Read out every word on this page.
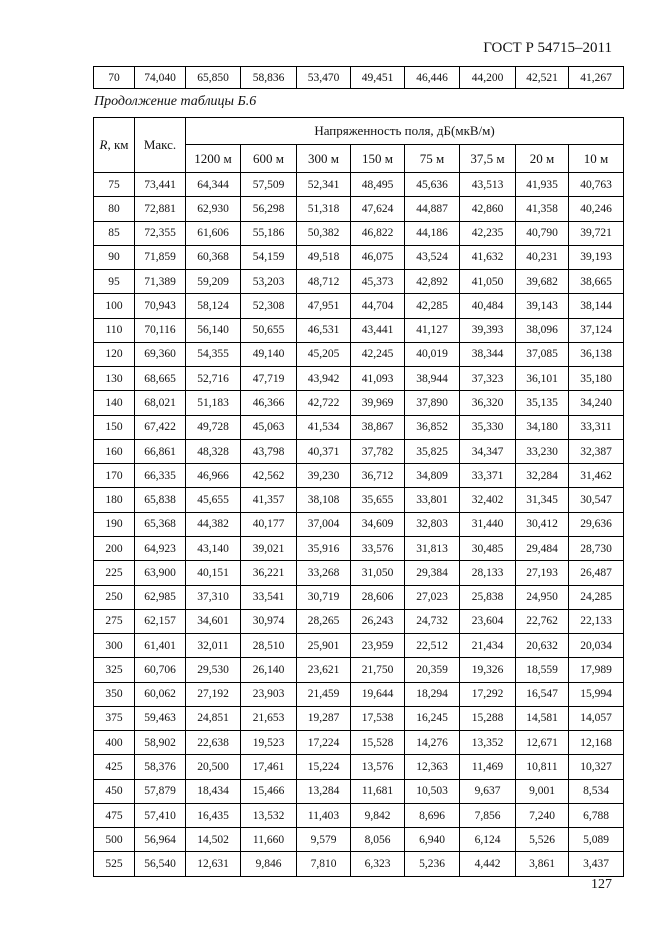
ГОСТ Р 54715–2011
70	74,040	65,850	58,836	53,470	49,451	46,446	44,200	42,521	41,267
Продолжение таблицы Б.6
R, км	Макс.	Напряженность поля, дБ(мкВ/м)							
		1200 м	600 м	300 м	150 м	75 м	37,5 м	20 м	10 м
75	73,441	64,344	57,509	52,341	48,495	45,636	43,513	41,935	40,763
80	72,881	62,930	56,298	51,318	47,624	44,887	42,860	41,358	40,246
85	72,355	61,606	55,186	50,382	46,822	44,186	42,235	40,790	39,721
90	71,859	60,368	54,159	49,518	46,075	43,524	41,632	40,231	39,193
95	71,389	59,209	53,203	48,712	45,373	42,892	41,050	39,682	38,665
100	70,943	58,124	52,308	47,951	44,704	42,285	40,484	39,143	38,144
110	70,116	56,140	50,655	46,531	43,441	41,127	39,393	38,096	37,124
120	69,360	54,355	49,140	45,205	42,245	40,019	38,344	37,085	36,138
130	68,665	52,716	47,719	43,942	41,093	38,944	37,323	36,101	35,180
140	68,021	51,183	46,366	42,722	39,969	37,890	36,320	35,135	34,240
150	67,422	49,728	45,063	41,534	38,867	36,852	35,330	34,180	33,311
160	66,861	48,328	43,798	40,371	37,782	35,825	34,347	33,230	32,387
170	66,335	46,966	42,562	39,230	36,712	34,809	33,371	32,284	31,462
180	65,838	45,655	41,357	38,108	35,655	33,801	32,402	31,345	30,547
190	65,368	44,382	40,177	37,004	34,609	32,803	31,440	30,412	29,636
200	64,923	43,140	39,021	35,916	33,576	31,813	30,485	29,484	28,730
225	63,900	40,151	36,221	33,268	31,050	29,384	28,133	27,193	26,487
250	62,985	37,310	33,541	30,719	28,606	27,023	25,838	24,950	24,285
275	62,157	34,601	30,974	28,265	26,243	24,732	23,604	22,762	22,133
300	61,401	32,011	28,510	25,901	23,959	22,512	21,434	20,632	20,034
325	60,706	29,530	26,140	23,621	21,750	20,359	19,326	18,559	17,989
350	60,062	27,192	23,903	21,459	19,644	18,294	17,292	16,547	15,994
375	59,463	24,851	21,653	19,287	17,538	16,245	15,288	14,581	14,057
400	58,902	22,638	19,523	17,224	15,528	14,276	13,352	12,671	12,168
425	58,376	20,500	17,461	15,224	13,576	12,363	11,469	10,811	10,327
450	57,879	18,434	15,466	13,284	11,681	10,503	9,637	9,001	8,534
475	57,410	16,435	13,532	11,403	9,842	8,696	7,856	7,240	6,788
500	56,964	14,502	11,660	9,579	8,056	6,940	6,124	5,526	5,089
525	56,540	12,631	9,846	7,810	6,323	5,236	4,442	3,861	3,437
127
